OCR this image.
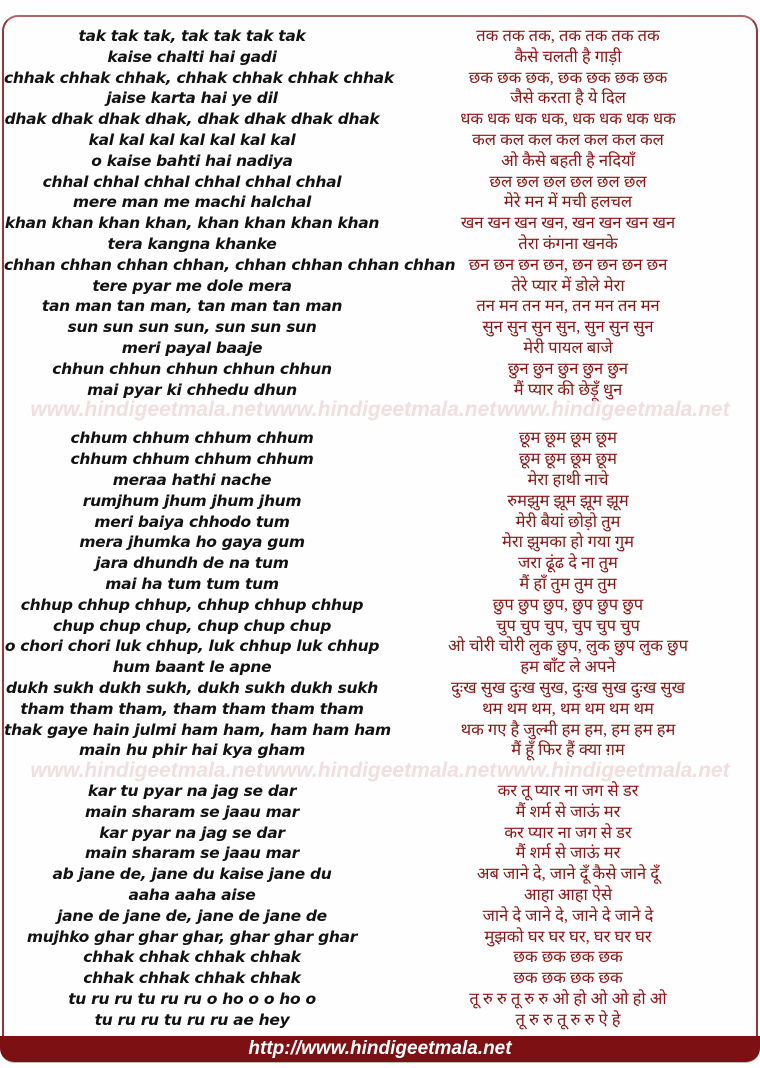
tak tak tak, tak tak tak tak
kaise chalti hai gadi
chhak chhak chhak, chhak chhak chhak chhak
jaise karta hai ye dil
dhak dhak dhak dhak, dhak dhak dhak dhak
kal kal kal kal kal kal kal
o kaise bahti hai nadiya
chhal chhal chhal chhal chhal chhal
mere man me machi halchal
khan khan khan khan, khan khan khan khan
tera kangna khanke
chhan chhan chhan chhan, chhan chhan chhan chhan
tere pyar me dole mera
tan man tan man, tan man tan man
sun sun sun sun, sun sun sun
meri payal baaje
chhun chhun chhun chhun chhun
mai pyar ki chhedu dhun
तक तक तक, तक तक तक तक
कैसे चलती है गाड़ी
छक छक छक, छक छक छक छक
जैसे करता है ये दिल
धक धक धक धक, धक धक धक धक
कल कल कल कल कल कल कल
ओ कैसे बहती है नदियाँ
छल छल छल छल छल छल
मेरे मन में मची हलचल
खन खन खन खन, खन खन खन खन
तेरा कंगना खनके
छन छन छन छन, छन छन छन छन
तेरे प्यार में डोले मेरा
तन मन तन मन, तन मन तन मन
सुन सुन सुन सुन, सुन सुन सुन
मेरी पायल बाजे
छुन छुन छुन छुन छुन
मैं प्यार की छेड़ूँ धुन
chhum chhum chhum chhum
chhum chhum chhum chhum
meraa hathi nache
rumjhum jhum jhum jhum
meri baiya chhodo tum
mera jhumka ho gaya gum
jara dhundh de na tum
mai ha tum tum tum
chhup chhup chhup, chhup chhup chhup
chup chup chup, chup chup chup
o chori chori luk chhup, luk chhup luk chhup
hum baant le apne
dukh sukh dukh sukh, dukh sukh dukh sukh
tham tham tham, tham tham tham tham
thak gaye hain julmi ham ham, ham ham ham
main hu phir hai kya gham
छूम छूम छूम छूम
छूम छूम छूम छूम
मेरा हाथी नाचे
रुमझुम झूम झूम झूम
मेरी बैयां छोड़ो तुम
मेरा झुमका हो गया गुम
जरा ढूंढ दे ना तुम
मैं हाँ तुम तुम तुम
छुप छुप छुप, छुप छुप छुप
चुप चुप चुप, चुप चुप चुप
ओ चोरी चोरी लुक छुप, लुक छुप लुक छुप
हम बाँट ले अपने
दुःख सुख दुःख सुख, दुःख सुख दुःख सुख
थम थम थम, थम थम थम थम
थक गए है जुल्मी हम हम, हम हम हम
मैं हूँ फिर हैं क्या ग़म
kar tu pyar na jag se dar
main sharam se jaau mar
kar pyar na jag se dar
main sharam se jaau mar
ab jane de, jane du kaise jane du
aaha aaha aise
jane de jane de, jane de jane de
mujhko ghar ghar ghar, ghar ghar ghar
chhak chhak chhak chhak
chhak chhak chhak chhak
tu ru ru tu ru ru o ho o o ho o
tu ru ru tu ru ru ae hey
कर तू प्यार ना जग से डर
मैं शर्म से जाऊं मर
कर प्यार ना जग से डर
मैं शर्म से जाऊं मर
अब जाने दे, जाने दूँ कैसे जाने दूँ
आहा आहा ऐसे
जाने दे जाने दे, जाने दे जाने दे
मुझको घर घर घर, घर घर घर
छक छक छक छक
छक छक छक छक
तू रु रु तू रु रु ओ हो ओ ओ हो ओ
तू रु रु तू रु रु ऐ हे
www.hindigeetmala.net www.hindigeetmala.net www.hindigeetmala.net
www.hindigeetmala.net www.hindigeetmala.net www.hindigeetmala.net
http://www.hindigeetmala.net
